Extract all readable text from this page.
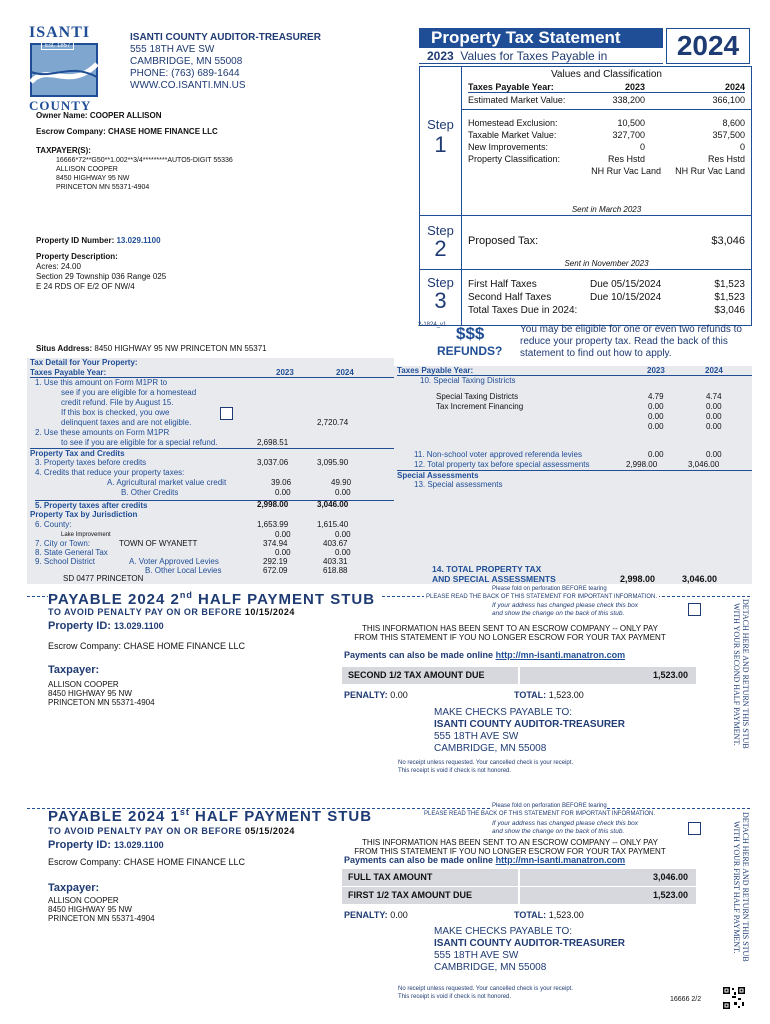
ISANTI
Est. 1857
COUNTY
ISANTI COUNTY AUDITOR-TREASURER
555 18TH AVE SW
CAMBRIDGE, MN 55008
PHONE: (763) 689-1644
WWW.CO.ISANTI.MN.US
Owner Name: COOPER ALLISON
Escrow Company: CHASE HOME FINANCE LLC
TAXPAYER(S):
16666*72**G50**1.002**3/4*********AUTO5-DIGIT 55336
ALLISON COOPER
8450 HIGHWAY 95 NW
PRINCETON MN 55371-4904
Property ID Number: 13.029.1100
Property Description:
Acres: 24.00
Section 29 Township 036 Range 025
E 24 RDS OF E/2 OF NW/4
Situs Address: 8450 HIGHWAY 95 NW PRINCETON MN 55371
Property Tax Statement	2024
2023 Values for Taxes Payable in
Values and Classification
Taxes Payable Year:	2023	2024
Estimated Market Value:	338,200	366,100
Step
1
Homestead Exclusion:	10,500	8,600
Taxable Market Value:	327,700	357,500
New Improvements:	0	0
Property Classification:	Res Hstd	Res Hstd
NH Rur Vac Land NH Rur Vac Land
Sent in March 2023
Step
2	Proposed Tax:	$3,046
Sent in November 2023
Step
3
First Half Taxes	Due 05/15/2024	$1,523
Second Half Taxes	Due 10/15/2024	$1,523
Total Taxes Due in 2024:	$3,046
2-1824_v1 $$$
REFUNDS?
You may be eligible for one or even two refunds to reduce your property tax. Read the back of this statement to find out how to apply.
Tax Detail for Your Property:
Taxes Payable Year:	2023	2024
1. Use this amount on Form M1PR to
see if you are eligible for a homestead
credit refund. File by August 15.
If this box is checked, you owe
delinquent taxes and are not eligible.	2,720.74
2. Use these amounts on Form M1PR
to see if you are eligible for a special refund.	2,698.51
Property Tax and Credits
3. Property taxes before credits	3,037.06	3,095.90
4. Credits that reduce your property taxes:
A. Agricultural market value credit	39.06	49.90
B. Other Credits	0.00	0.00
5. Property taxes after credits	2,998.00	3,046.00
Property Tax by Jurisdiction
6. County:	1,653.99	1,615.40
Lake Improvement	0.00	0.00
7. City or Town:	TOWN OF WYANETT	374.94	403.67
8. State General Tax	0.00	0.00
9. School District	A. Voter Approved Levies	292.19	403.31
B. Other Local Levies	672.09	618.88
SD 0477 PRINCETON
Taxes Payable Year:	2023	2024
10. Special Taxing Districts
Special Taxing Districts	4.79	4.74
Tax Increment Financing	0.00	0.00
0.00	0.00
0.00	0.00
11. Non-school voter approved referenda levies	0.00	0.00
12. Total property tax before special assessments	2,998.00	3,046.00
Special Assessments
13. Special assessments
14. TOTAL PROPERTY TAX
AND SPECIAL ASSESSMENTS	2,998.00	3,046.00
Please fold on perforation BEFORE tearing
PLEASE READ THE BACK OF THIS STATEMENT FOR IMPORTANT INFORMATION.
PAYABLE 2024 2nd HALF PAYMENT STUB
TO AVOID PENALTY PAY ON OR BEFORE 10/15/2024
If your address has changed please check this box
and show the change on the back of this stub.
Property ID: 13.029.1100
Escrow Company: CHASE HOME FINANCE LLC
THIS INFORMATION HAS BEEN SENT TO AN ESCROW COMPANY -- ONLY PAY
FROM THIS STATEMENT IF YOU NO LONGER ESCROW FOR YOUR TAX PAYMENT
Payments can also be made online http://mn-isanti.manatron.com
Taxpayer:
ALLISON COOPER
8450 HIGHWAY 95 NW
PRINCETON MN 55371-4904
SECOND 1/2 TAX AMOUNT DUE	1,523.00
PENALTY: 0.00	TOTAL: 1,523.00
MAKE CHECKS PAYABLE TO:
ISANTI COUNTY AUDITOR-TREASURER
555 18TH AVE SW
CAMBRIDGE, MN 55008
No receipt unless requested. Your cancelled check is your receipt.
This receipt is void if check is not honored.
DETACH HERE AND RETURN THIS STUB WITH YOUR SECOND HALF PAYMENT.
Please fold on perforation BEFORE tearing
PLEASE READ THE BACK OF THIS STATEMENT FOR IMPORTANT INFORMATION.
PAYABLE 2024 1st HALF PAYMENT STUB
TO AVOID PENALTY PAY ON OR BEFORE 05/15/2024
If your address has changed please check this box
and show the change on the back of this stub.
Property ID: 13.029.1100
Escrow Company: CHASE HOME FINANCE LLC
THIS INFORMATION HAS BEEN SENT TO AN ESCROW COMPANY -- ONLY PAY
FROM THIS STATEMENT IF YOU NO LONGER ESCROW FOR YOUR TAX PAYMENT
Payments can also be made online http://mn-isanti.manatron.com
Taxpayer:
ALLISON COOPER
8450 HIGHWAY 95 NW
PRINCETON MN 55371-4904
FULL TAX AMOUNT	3,046.00
FIRST 1/2 TAX AMOUNT DUE	1,523.00
PENALTY: 0.00	TOTAL: 1,523.00
MAKE CHECKS PAYABLE TO:
ISANTI COUNTY AUDITOR-TREASURER
555 18TH AVE SW
CAMBRIDGE, MN 55008
No receipt unless requested. Your cancelled check is your receipt.
This receipt is void if check is not honored.
DETACH HERE AND RETURN THIS STUB WITH YOUR FIRST HALF PAYMENT.
16666 2/2
